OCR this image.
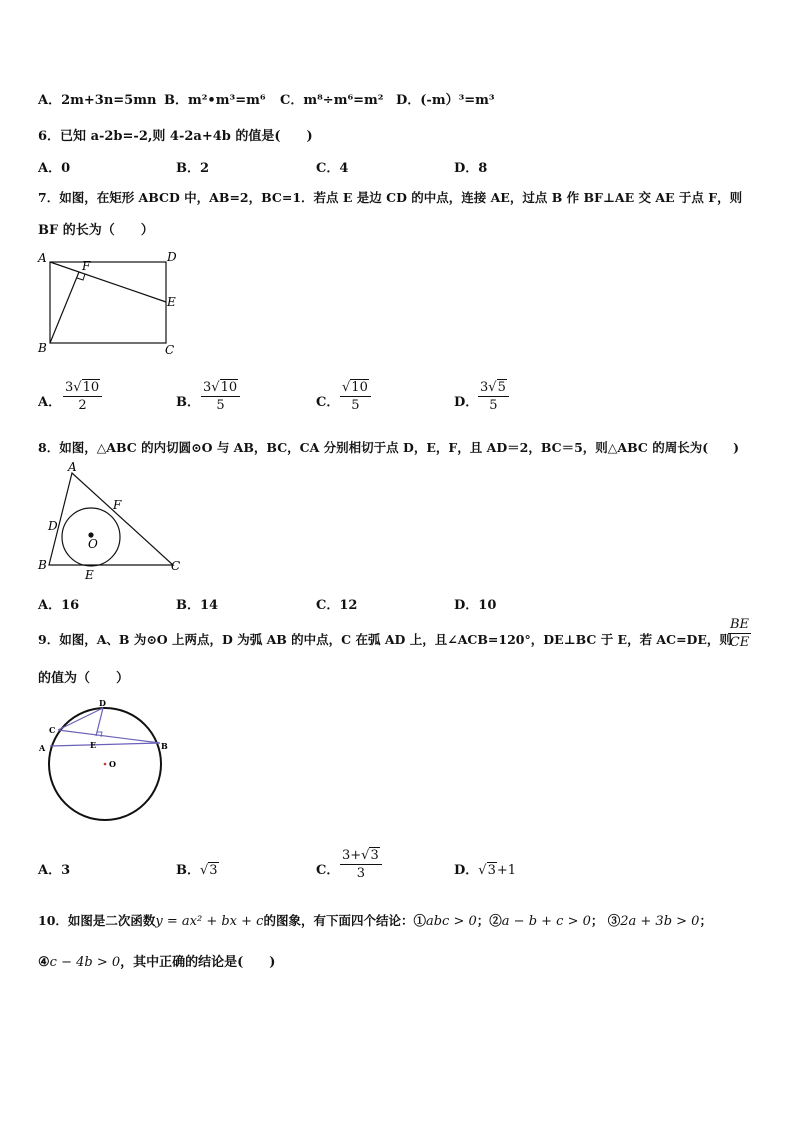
A．2m+3n=5mn B．m²•m³=m⁶ C．m⁸÷m⁶=m² D．(-m）³=m³
6．已知 a-2b=-2,则 4-2a+4b 的值是(　　)
A．0	B．2	C．4	D．8
7．如图，在矩形 ABCD 中，AB=2，BC=1．若点 E 是边 CD 的中点，连接 AE，过点 B 作 BF⊥AE 交 AE 于点 F，则
BF 的长为（　　）
A
B	C
D
E
F
A． $\frac{3√10}{2}$	B． $\frac{3√10}{5}$	C． $\frac{√10}{5}$	D． $\frac{3√5}{5}$
8．如图，△ABC 的内切圆⊙O 与 AB，BC，CA 分别相切于点 D，E，F，且 AD＝2，BC＝5，则△ABC 的周长为(　　)
A
B	C
D
E
F
O
A．16	B．14	C．12	D．10
9．如图，A、B 为⊙O 上两点，D 为弧 AB 的中点，C 在弧 AD 上，且∠ACB=120°，DE⊥BC 于 E，若 AC=DE，则
$\frac{BE}{CE}$
的值为（　　）
A	B
C
D
E
O
A．3	B．√3	C． $\frac{3+√3}{3}$	D．√3+1
10．如图是二次函数y = ax² + bx + c的图象，有下面四个结论：①abc > 0；②a − b + c > 0； ③2a + 3b > 0；
④c − 4b > 0，其中正确的结论是(　　)
